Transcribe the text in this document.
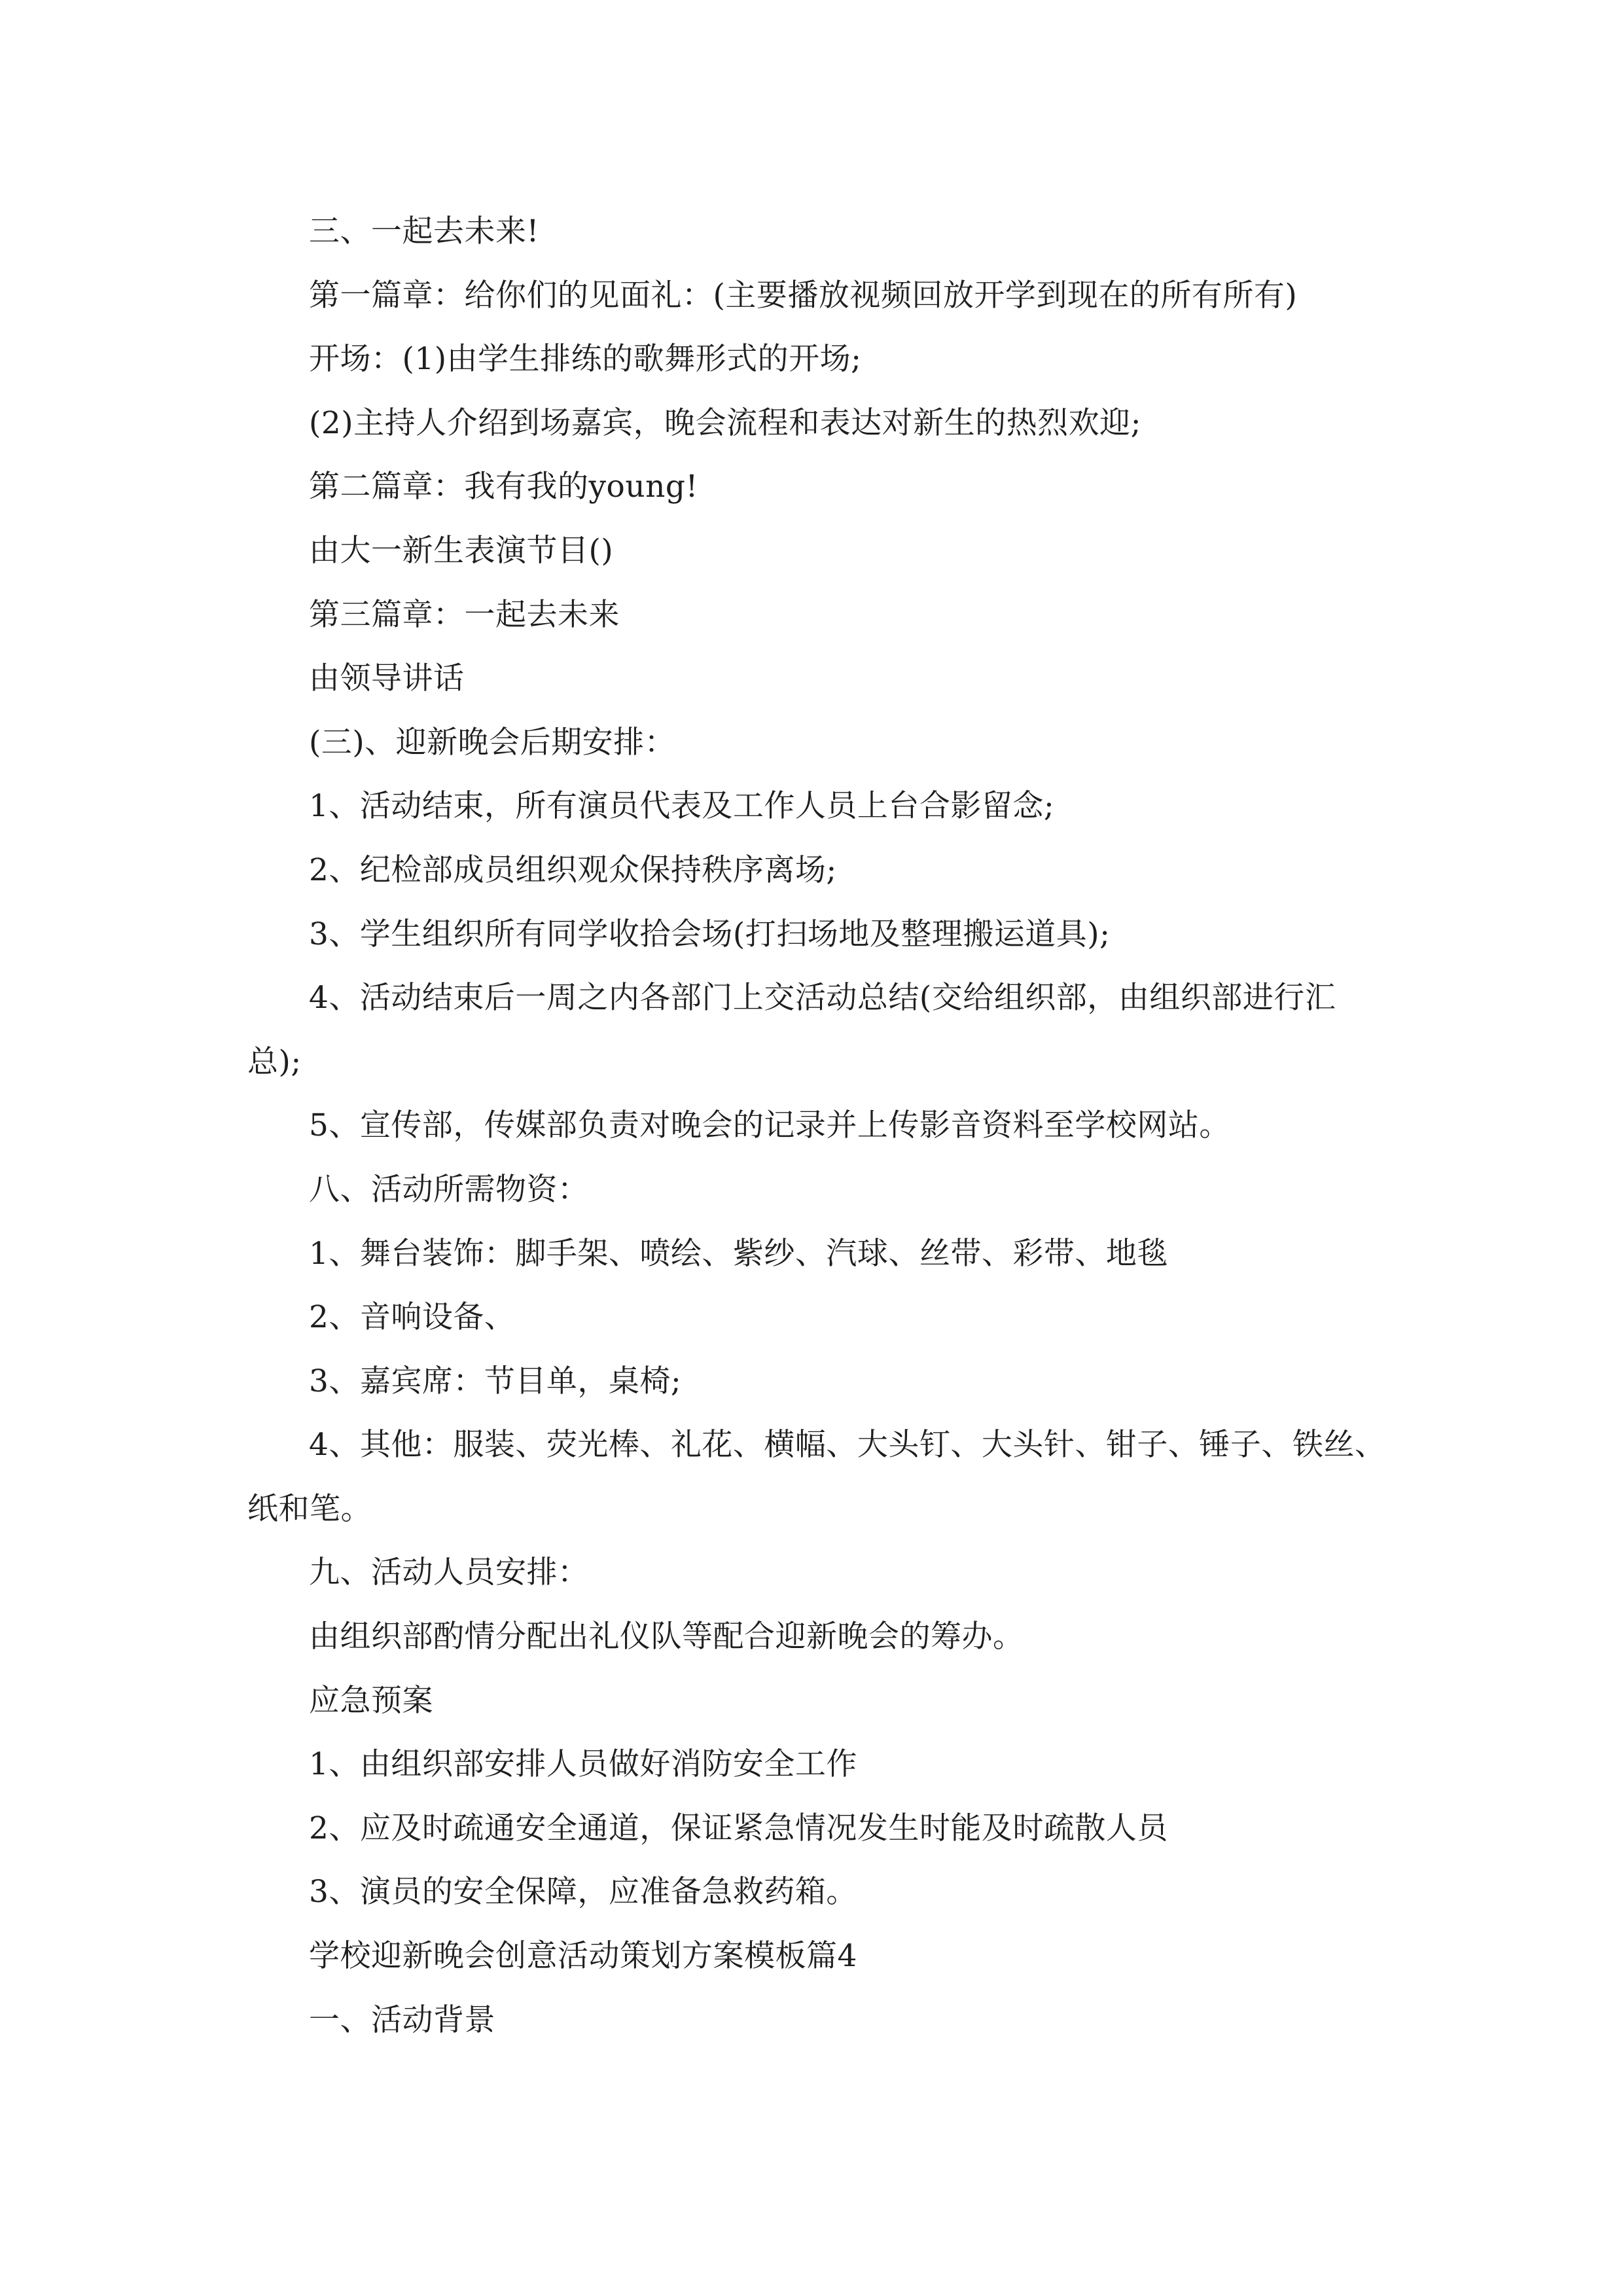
三、一起去未来!

第一篇章：给你们的见面礼：(主要播放视频回放开学到现在的所有所有)

开场：(1)由学生排练的歌舞形式的开场;

(2)主持人介绍到场嘉宾，晚会流程和表达对新生的热烈欢迎;

第二篇章：我有我的young!

由大一新生表演节目()

第三篇章：一起去未来

由领导讲话

(三)、迎新晚会后期安排：

1、活动结束，所有演员代表及工作人员上台合影留念;

2、纪检部成员组织观众保持秩序离场;

3、学生组织所有同学收拾会场(打扫场地及整理搬运道具);

4、活动结束后一周之内各部门上交活动总结(交给组织部，由组织部进行汇总);

5、宣传部，传媒部负责对晚会的记录并上传影音资料至学校网站。

八、活动所需物资：

1、舞台装饰：脚手架、喷绘、紫纱、汽球、丝带、彩带、地毯

2、音响设备、

3、嘉宾席：节目单，桌椅;

4、其他：服装、荧光棒、礼花、横幅、大头钉、大头针、钳子、锤子、铁丝、纸和笔。

九、活动人员安排：

由组织部酌情分配出礼仪队等配合迎新晚会的筹办。

应急预案

1、由组织部安排人员做好消防安全工作

2、应及时疏通安全通道，保证紧急情况发生时能及时疏散人员

3、演员的安全保障，应准备急救药箱。

学校迎新晚会创意活动策划方案模板篇4

一、活动背景
